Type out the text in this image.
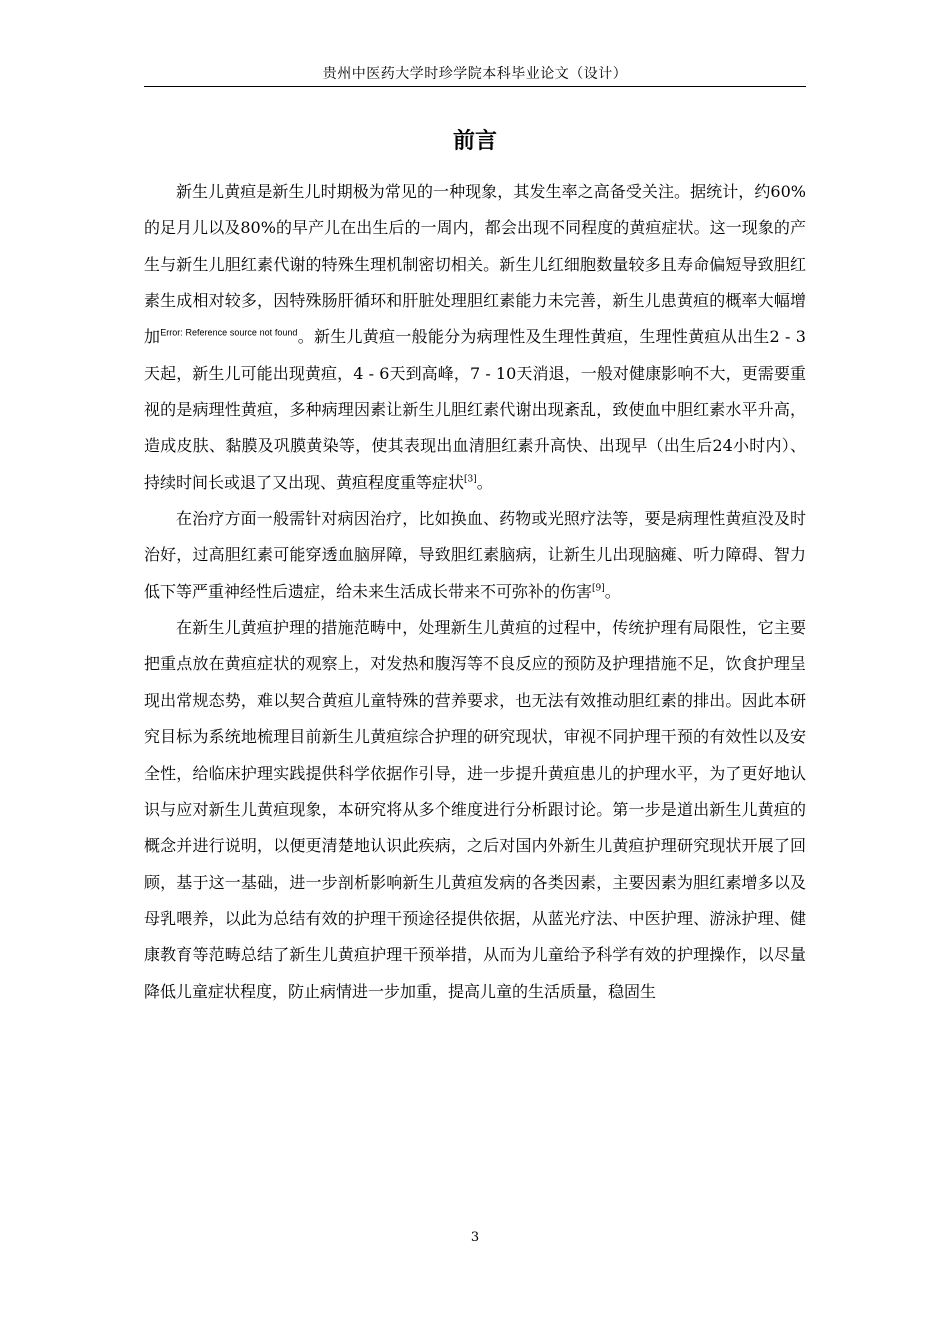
贵州中医药大学时珍学院本科毕业论文（设计）
前言

新生儿黄疸是新生儿时期极为常见的一种现象，其发生率之高备受关注。据统计，约60%的足月儿以及80%的早产儿在出生后的一周内，都会出现不同程度的黄疸症状。这一现象的产生与新生儿胆红素代谢的特殊生理机制密切相关。新生儿红细胞数量较多且寿命偏短导致胆红素生成相对较多，因特殊肠肝循环和肝脏处理胆红素能力未完善，新生儿患黄疸的概率大幅增加$^{Error: Reference source not found}$。新生儿黄疸一般能分为病理性及生理性黄疸，生理性黄疸从出生2 - 3天起，新生儿可能出现黄疸，4 - 6天到高峰，7 - 10天消退，一般对健康影响不大，更需要重视的是病理性黄疸，多种病理因素让新生儿胆红素代谢出现紊乱，致使血中胆红素水平升高，造成皮肤、黏膜及巩膜黄染等，使其表现出血清胆红素升高快、出现早（出生后24小时内）、持续时间长或退了又出现、黄疸程度重等症状[3]。

在治疗方面一般需针对病因治疗，比如换血、药物或光照疗法等，要是病理性黄疸没及时治好，过高胆红素可能穿透血脑屏障，导致胆红素脑病，让新生儿出现脑瘫、听力障碍、智力低下等严重神经性后遗症，给未来生活成长带来不可弥补的伤害[9]。

在新生儿黄疸护理的措施范畴中，处理新生儿黄疸的过程中，传统护理有局限性，它主要把重点放在黄疸症状的观察上，对发热和腹泻等不良反应的预防及护理措施不足，饮食护理呈现出常规态势，难以契合黄疸儿童特殊的营养要求，也无法有效推动胆红素的排出。因此本研究目标为系统地梳理目前新生儿黄疸综合护理的研究现状，审视不同护理干预的有效性以及安全性，给临床护理实践提供科学依据作引导，进一步提升黄疸患儿的护理水平，为了更好地认识与应对新生儿黄疸现象，本研究将从多个维度进行分析跟讨论。第一步是道出新生儿黄疸的概念并进行说明，以便更清楚地认识此疾病，之后对国内外新生儿黄疸护理研究现状开展了回顾，基于这一基础，进一步剖析影响新生儿黄疸发病的各类因素，主要因素为胆红素增多以及母乳喂养，以此为总结有效的护理干预途径提供依据，从蓝光疗法、中医护理、游泳护理、健康教育等范畴总结了新生儿黄疸护理干预举措，从而为儿童给予科学有效的护理操作，以尽量降低儿童症状程度，防止病情进一步加重，提高儿童的生活质量，稳固生

3
